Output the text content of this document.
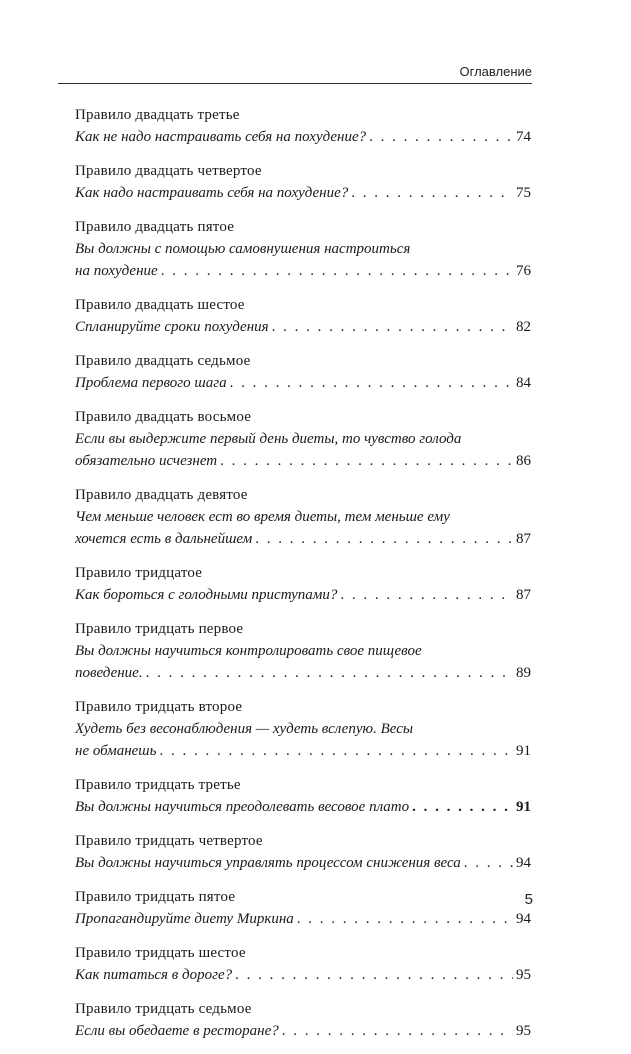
Оглавление
Правило двадцать третье
Как не надо настраивать себя на похудение? . . .	74
Правило двадцать четвертое
Как надо настраивать себя на похудение? . . .	75
Правило двадцать пятое
Вы должны с помощью самовнушения настроиться
на похудение . . .	76
Правило двадцать шестое
Спланируйте сроки похудения . . .	82
Правило двадцать седьмое
Проблема первого шага . . .	84
Правило двадцать восьмое
Если вы выдержите первый день диеты, то чувство голода
обязательно исчезнет . . .	86
Правило двадцать девятое
Чем меньше человек ест во время диеты, тем меньше ему
хочется есть в дальнейшем . . .	87
Правило тридцатое
Как бороться с голодными приступами? . . .	87
Правило тридцать первое
Вы должны научиться контролировать свое пищевое
поведение. . . .	89
Правило тридцать второе
Худеть без весонаблюдения — худеть вслепую. Весы
не обманешь . . .	91
Правило тридцать третье
Вы должны научиться преодолевать весовое плато . . .	91
Правило тридцать четвертое
Вы должны научиться управлять процессом снижения веса . . .	94
Правило тридцать пятое
Пропагандируйте диету Миркина . . .	94
Правило тридцать шестое
Как питаться в дороге? . . .	95
Правило тридцать седьмое
Если вы обедаете в ресторане? . . .	95
5
